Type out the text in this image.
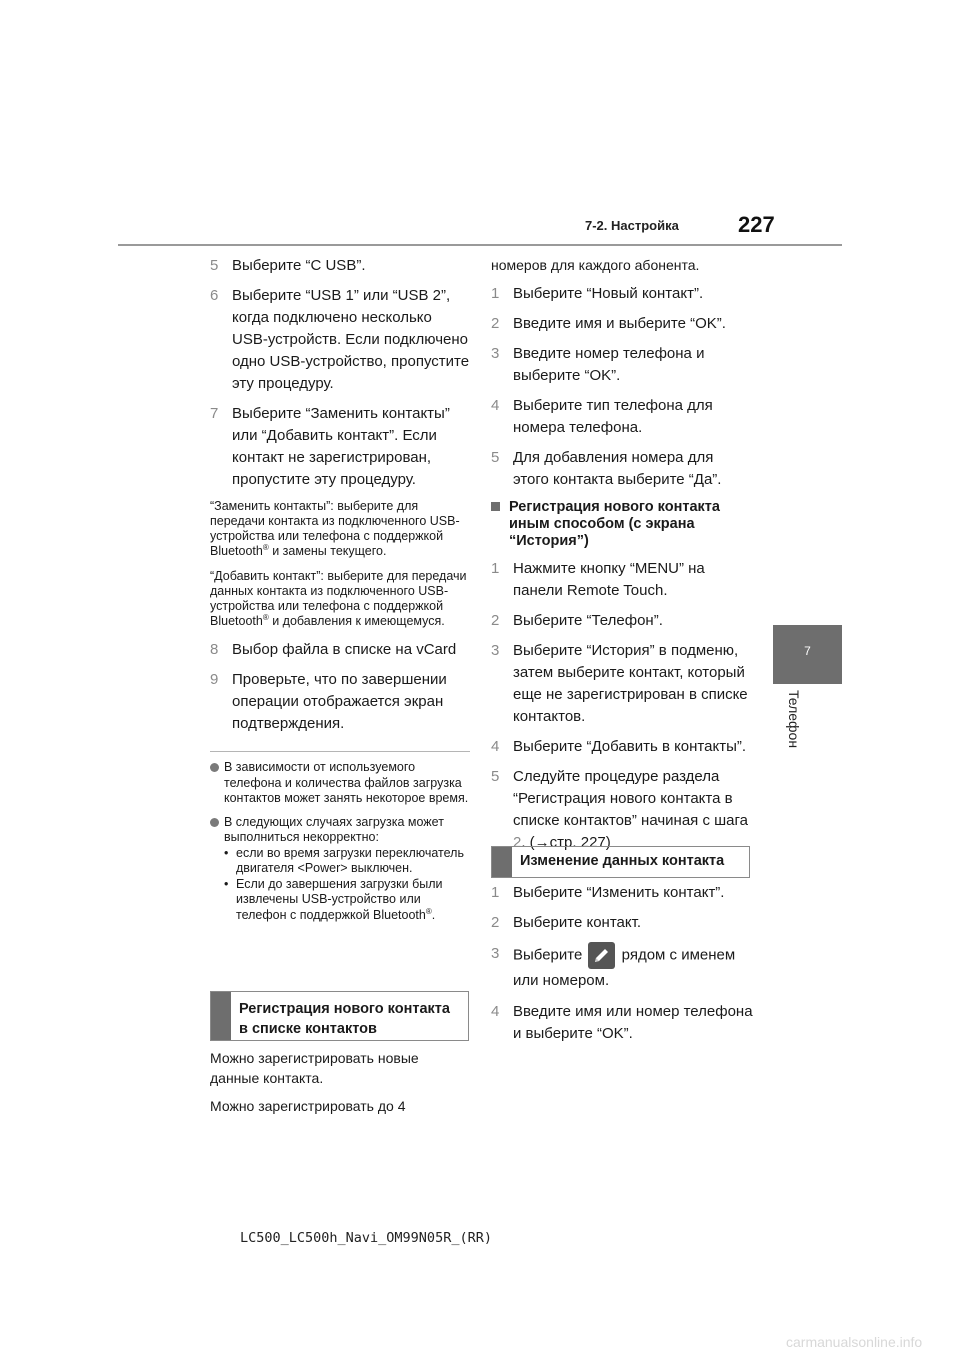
7-2. Настройка	227
7
Телефон
5 Выберите “С USB”.
6 Выберите “USB 1” или “USB 2”, когда подключено несколько USB-устройств. Если подключено одно USB-устройство, пропустите эту процедуру.
7 Выберите “Заменить контакты” или “Добавить контакт”. Если контакт не зарегистрирован, пропустите эту процедуру.
“Заменить контакты”: выберите для передачи контакта из подключенного USB-устройства или телефона с поддержкой Bluetooth® и замены текущего.
“Добавить контакт”: выберите для передачи данных контакта из подключенного USB-устройства или телефона с поддержкой Bluetooth® и добавления к имеющемуся.
8 Выбор файла в списке на vCard
9 Проверьте, что по завершении операции отображается экран подтверждения.
В зависимости от используемого телефона и количества файлов загрузка контактов может занять некоторое время.
В следующих случаях загрузка может выполниться некорректно:
• если во время загрузки переключатель двигателя <Power> выключен.
• Если до завершения загрузки были извлечены USB-устройство или телефон с поддержкой Bluetooth®.
Регистрация нового контакта в списке контактов
Можно зарегистрировать новые данные контакта.
Можно зарегистрировать до 4
номеров для каждого абонента.
1 Выберите “Новый контакт”.
2 Введите имя и выберите “OK”.
3 Введите номер телефона и выберите “OK”.
4 Выберите тип телефона для номера телефона.
5 Для добавления номера для этого контакта выберите “Да”.
Регистрация нового контакта иным способом (с экрана “История”)
1 Нажмите кнопку “MENU” на панели Remote Touch.
2 Выберите “Телефон”.
3 Выберите “История” в подменю, затем выберите контакт, который еще не зарегистрирован в списке контактов.
4 Выберите “Добавить в контакты”.
5 Следуйте процедуре раздела “Регистрация нового контакта в списке контактов” начиная с шага 2. (→стр. 227)
Изменение данных контакта
1 Выберите “Изменить контакт”.
2 Выберите контакт.
3 Выберите
рядом с именем или номером.
4 Введите имя или номер телефона и выберите “OK”.
LC500_LC500h_Navi_OM99N05R_(RR)
carmanualsonline.info
